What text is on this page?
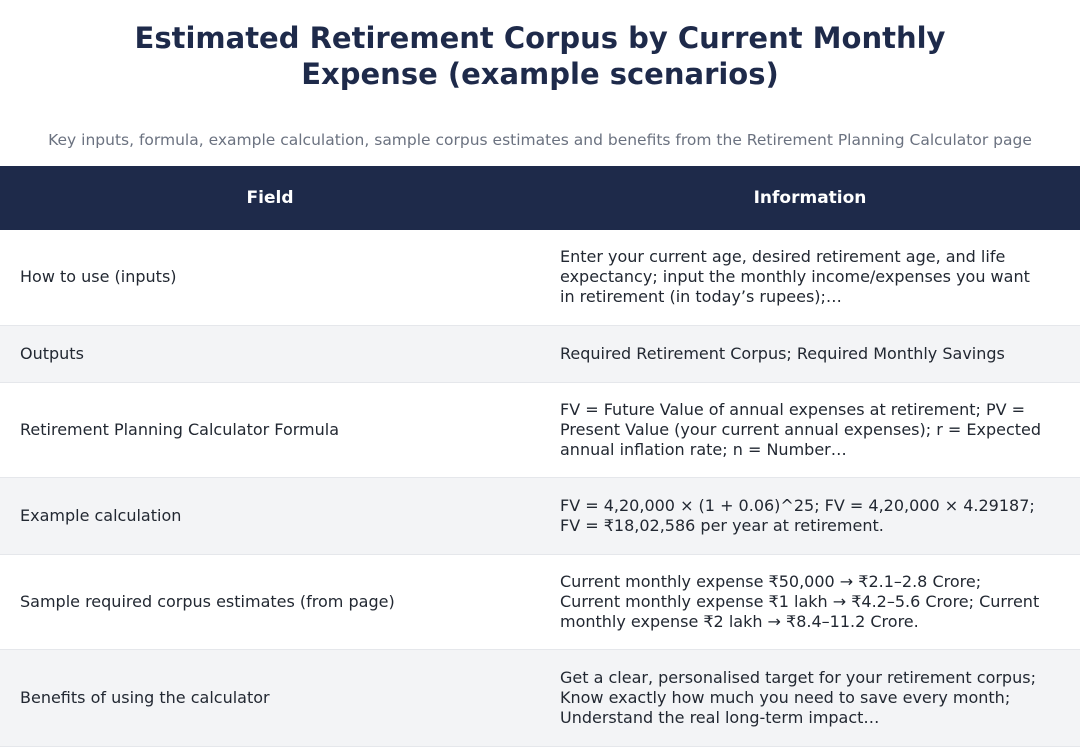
Estimated Retirement Corpus by Current Monthly Expense (example scenarios)

Key inputs, formula, example calculation, sample corpus estimates and benefits from the Retirement Planning Calculator page

Field	Information
How to use (inputs)	Enter your current age, desired retirement age, and life expectancy; input the monthly income/expenses you want in retirement (in today’s rupees);…
Outputs	Required Retirement Corpus; Required Monthly Savings
Retirement Planning Calculator Formula	FV = Future Value of annual expenses at retirement; PV = Present Value (your current annual expenses); r = Expected annual inflation rate; n = Number…
Example calculation	FV = 4,20,000 × (1 + 0.06)^25; FV = 4,20,000 × 4.29187; FV = ₹18,02,586 per year at retirement.
Sample required corpus estimates (from page)	Current monthly expense ₹50,000 → ₹2.1–2.8 Crore; Current monthly expense ₹1 lakh → ₹4.2–5.6 Crore; Current monthly expense ₹2 lakh → ₹8.4–11.2 Crore.
Benefits of using the calculator	Get a clear, personalised target for your retirement corpus; Know exactly how much you need to save every month; Understand the real long-term impact…
